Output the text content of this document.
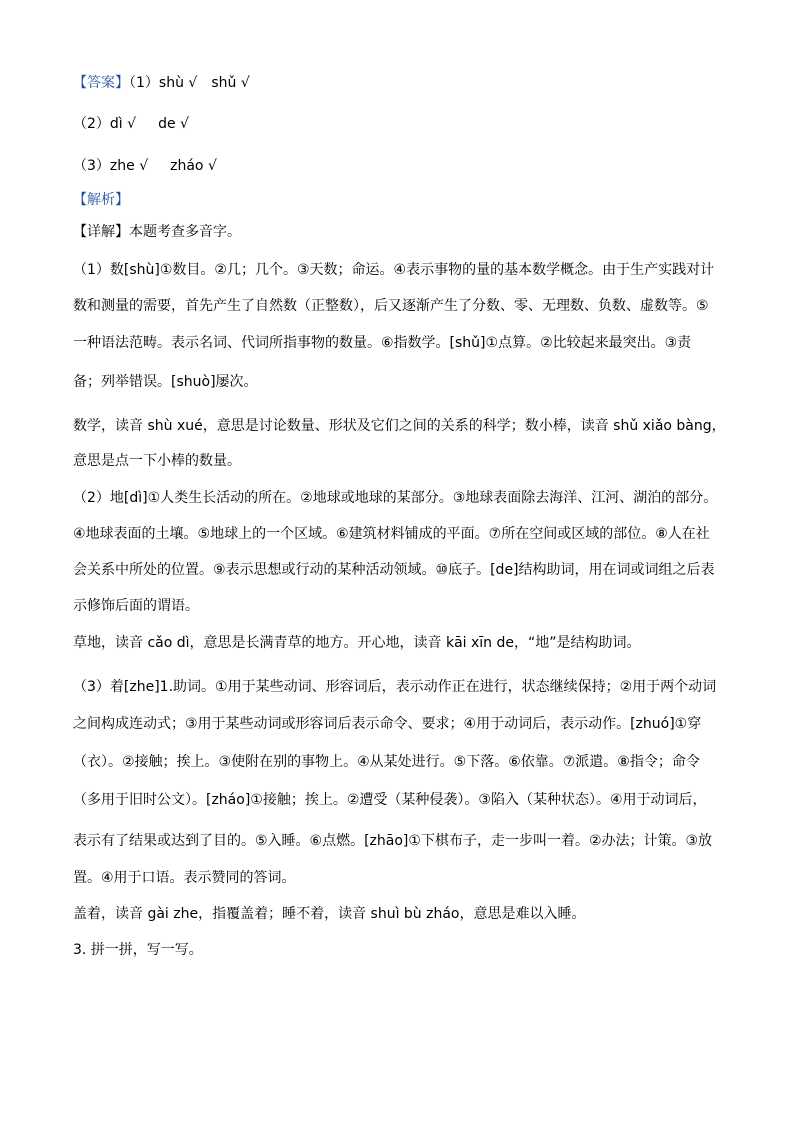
【答案】（1）shù √ shǔ √
（2）dì √ de √
（3）zhe √ zháo √
【解析】
【详解】本题考查多音字。
（1）数[shù]①数目。②几；几个。③天数；命运。④表示事物的量的基本数学概念。由于生产实践对计
数和测量的需要，首先产生了自然数（正整数），后又逐渐产生了分数、零、无理数、负数、虚数等。⑤
一种语法范畴。表示名词、代词所指事物的数量。⑥指数学。[shǔ]①点算。②比较起来最突出。③责
备；列举错误。[shuò]屡次。
数学，读音 shù xué，意思是讨论数量、形状及它们之间的关系的科学；数小棒，读音 shǔ xiǎo bàng，
意思是点一下小棒的数量。
（2）地[dì]①人类生长活动的所在。②地球或地球的某部分。③地球表面除去海洋、江河、湖泊的部分。
④地球表面的土壤。⑤地球上的一个区域。⑥建筑材料铺成的平面。⑦所在空间或区域的部位。⑧人在社
会关系中所处的位置。⑨表示思想或行动的某种活动领域。⑩底子。[de]结构助词，用在词或词组之后表
示修饰后面的谓语。
草地，读音 cǎo dì，意思是长满青草的地方。开心地，读音 kāi xīn de，“地”是结构助词。
（3）着[zhe]1.助词。①用于某些动词、形容词后，表示动作正在进行，状态继续保持；②用于两个动词
之间构成连动式；③用于某些动词或形容词后表示命令、要求；④用于动词后，表示动作。[zhuó]①穿
（衣）。②接触；挨上。③使附在别的事物上。④从某处进行。⑤下落。⑥依靠。⑦派遣。⑧指令；命令
（多用于旧时公文）。[zháo]①接触；挨上。②遭受（某种侵袭）。③陷入（某种状态）。④用于动词后，
表示有了结果或达到了目的。⑤入睡。⑥点燃。[zhāo]①下棋布子，走一步叫一着。②办法；计策。③放
置。④用于口语。表示赞同的答词。
盖着，读音 gài zhe，指覆盖着；睡不着，读音 shuì bù zháo，意思是难以入睡。
3. 拼一拼，写一写。
